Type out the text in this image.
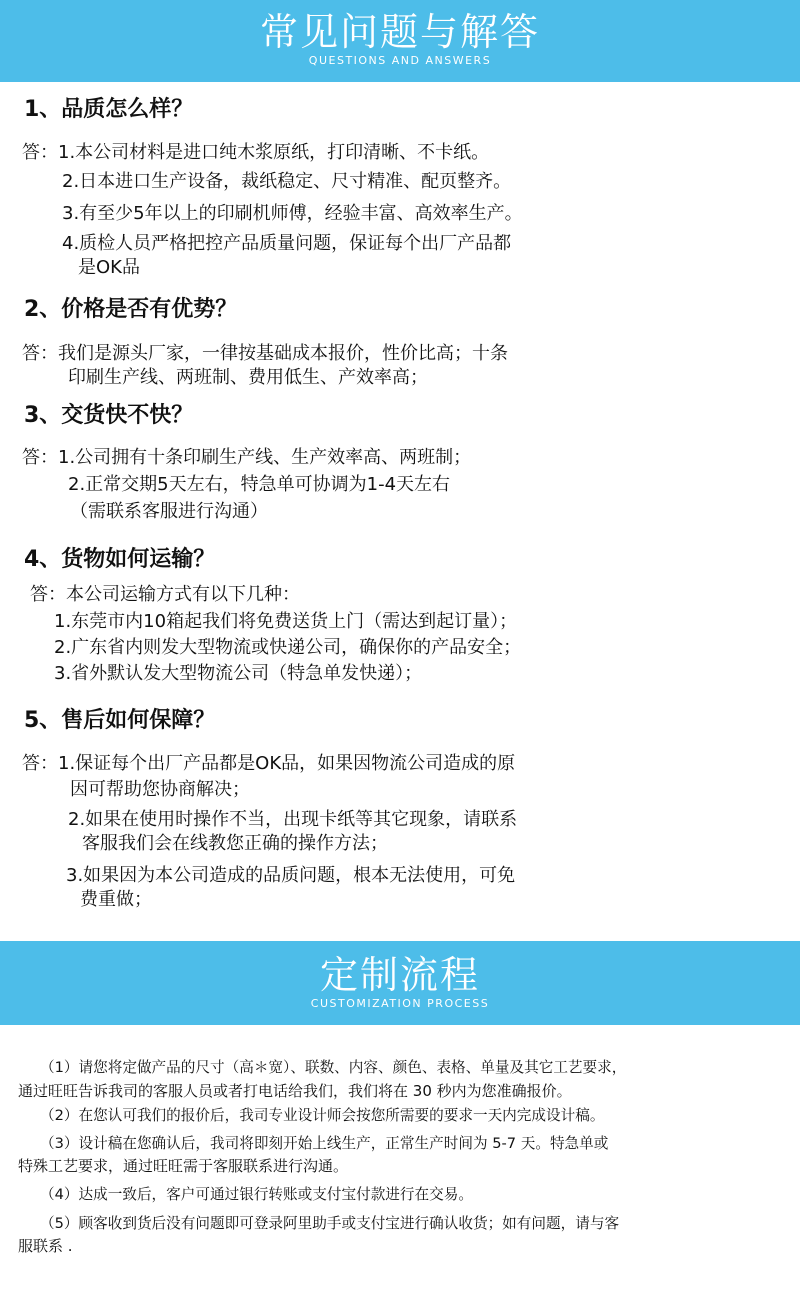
常见问题与解答
QUESTIONS AND ANSWERS
1、品质怎么样？
答：1.本公司材料是进口纯木浆原纸，打印清晰、不卡纸。
2.日本进口生产设备，裁纸稳定、尺寸精准、配页整齐。
3.有至少5年以上的印刷机师傅，经验丰富、高效率生产。
4.质检人员严格把控产品质量问题，保证每个出厂产品都
是OK品
2、价格是否有优势？
答：我们是源头厂家，一律按基础成本报价，性价比高；十条
印刷生产线、两班制、费用低生、产效率高；
3、交货快不快？
答：1.公司拥有十条印刷生产线、生产效率高、两班制；
2.正常交期5天左右，特急单可协调为1-4天左右
（需联系客服进行沟通）
4、货物如何运输？
答：本公司运输方式有以下几种：
1.东莞市内10箱起我们将免费送货上门（需达到起订量）；
2.广东省内则发大型物流或快递公司，确保你的产品安全；
3.省外默认发大型物流公司（特急单发快递）；
5、售后如何保障？
答：1.保证每个出厂产品都是OK品，如果因物流公司造成的原
因可帮助您协商解决；
2.如果在使用时操作不当，出现卡纸等其它现象，请联系
客服我们会在线教您正确的操作方法；
3.如果因为本公司造成的品质问题，根本无法使用，可免
费重做；
定制流程
CUSTOMIZATION PROCESS
（1）请您将定做产品的尺寸（高＊宽）、联数、内容、颜色、表格、单量及其它工艺要求，
通过旺旺告诉我司的客服人员或者打电话给我们，我们将在 30 秒内为您准确报价。
（2）在您认可我们的报价后，我司专业设计师会按您所需要的要求一天内完成设计稿。
（3）设计稿在您确认后，我司将即刻开始上线生产，正常生产时间为 5-7 天。特急单或
特殊工艺要求，通过旺旺需于客服联系进行沟通。
（4）达成一致后，客户可通过银行转账或支付宝付款进行在交易。
（5）顾客收到货后没有问题即可登录阿里助手或支付宝进行确认收货；如有问题，请与客
服联系 .
